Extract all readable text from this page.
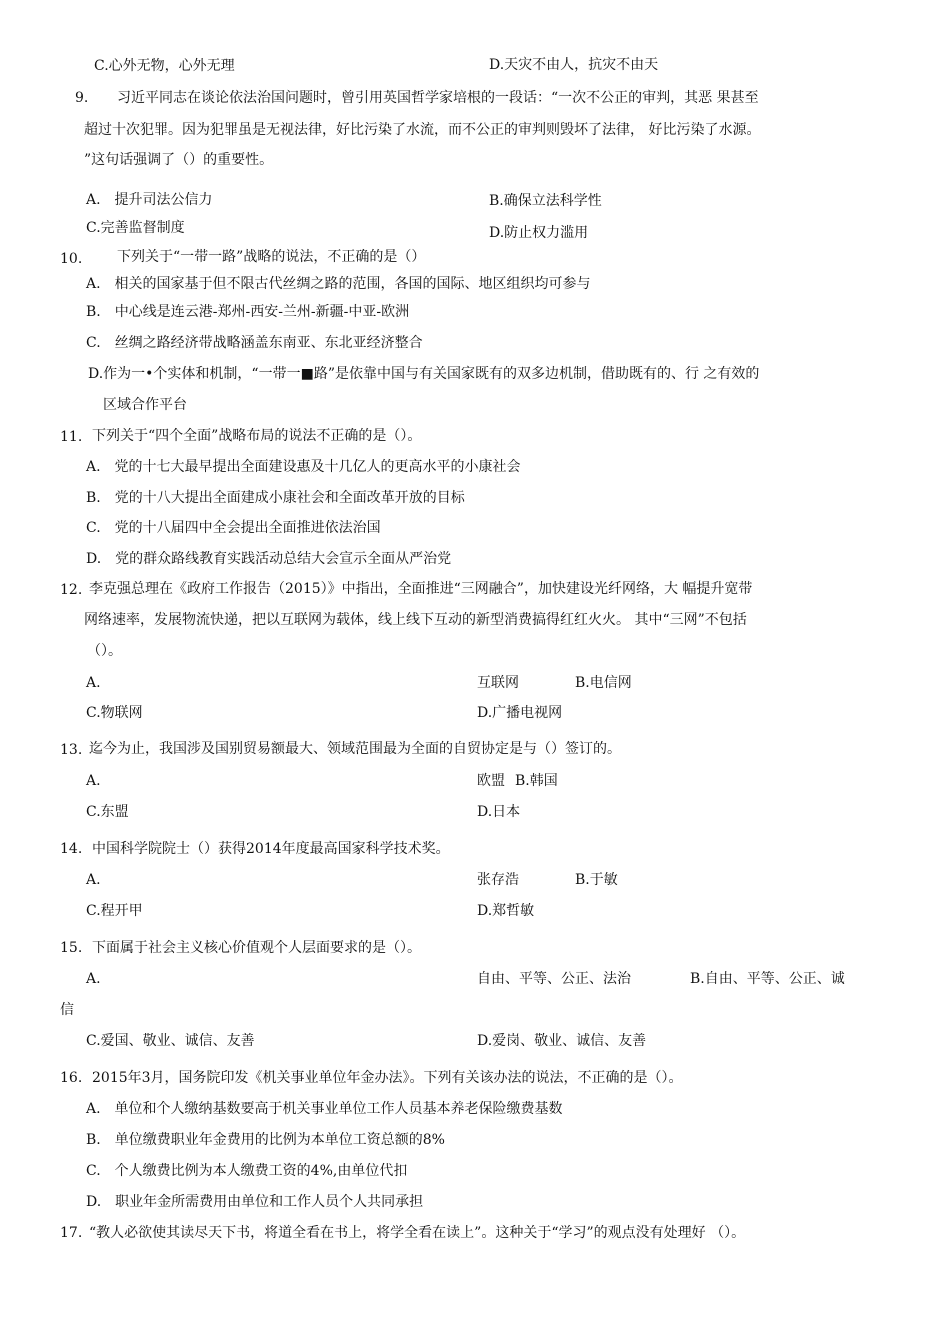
C.心外无物，心外无理	D.天灾不由人，抗灾不由天
9. 习近平同志在谈论依法治国问题时，曾引用英国哲学家培根的一段话：“一次不公正的审判，其恶 果甚至
超过十次犯罪。因为犯罪虽是无视法律，好比污染了水流，而不公正的审判则毁坏了法律， 好比污染了水源。
”这句话强调了（）的重要性。
A.　提升司法公信力	B.确保立法科学性
C.完善监督制度	D.防止权力滥用
10. 下列关于“一带一路”战略的说法，不正确的是（）
A.　相关的国家基于但不限古代丝绸之路的范围，各国的国际、地区组织均可参与
B.　中心线是连云港-郑州-西安-兰州-新疆-中亚-欧洲
C.　丝绸之路经济带战略涵盖东南亚、东北亚经济整合
D.作为一•个实体和机制，“一带一■路”是依靠中国与有关国家既有的双多边机制，借助既有的、行 之有效的
区域合作平台
11. 下列关于“四个全面”战略布局的说法不正确的是（）。
A.　党的十七大最早提出全面建设惠及十几亿人的更高水平的小康社会
B.　党的十八大提出全面建成小康社会和全面改革开放的目标
C.　党的十八届四中全会提出全面推进依法治国
D.　党的群众路线教育实践活动总结大会宣示全面从严治党
12. 李克强总理在《政府工作报告（2015）》中指出，全面推进“三网融合”，加快建设光纤网络，大 幅提升宽带
网络速率，发展物流快递，把以互联网为载体，线上线下互动的新型消费搞得红红火火。 其中“三网”不包括
（）。
A.	互联网	B.电信网
C.物联网	D.广播电视网
13. 迄今为止，我国涉及国别贸易额最大、领域范围最为全面的自贸协定是与（）签订的。
A.	欧盟 B.韩国
C.东盟	D.日本
14. 中国科学院院士（）获得2014年度最高国家科学技术奖。
A.	张存浩	B.于敏
C.程开甲	D.郑哲敏
15. 下面属于社会主义核心价值观个人层面要求的是（）。
A.	自由、平等、公正、法治	B.自由、平等、公正、诚
信
C.爱国、敬业、诚信、友善	D.爱岗、敬业、诚信、友善
16. 2015年3月，国务院印发《机关事业单位年金办法》。下列有关该办法的说法，不正确的是（）。
A.　单位和个人缴纳基数要高于机关事业单位工作人员基本养老保险缴费基数
B.　单位缴费职业年金费用的比例为本单位工资总额的8%
C.　个人缴费比例为本人缴费工资的4%,由单位代扣
D.　职业年金所需费用由单位和工作人员个人共同承担
17. “教人必欲使其读尽天下书，将道全看在书上，将学全看在读上”。这种关于“学习”的观点没有处理好 （）。
